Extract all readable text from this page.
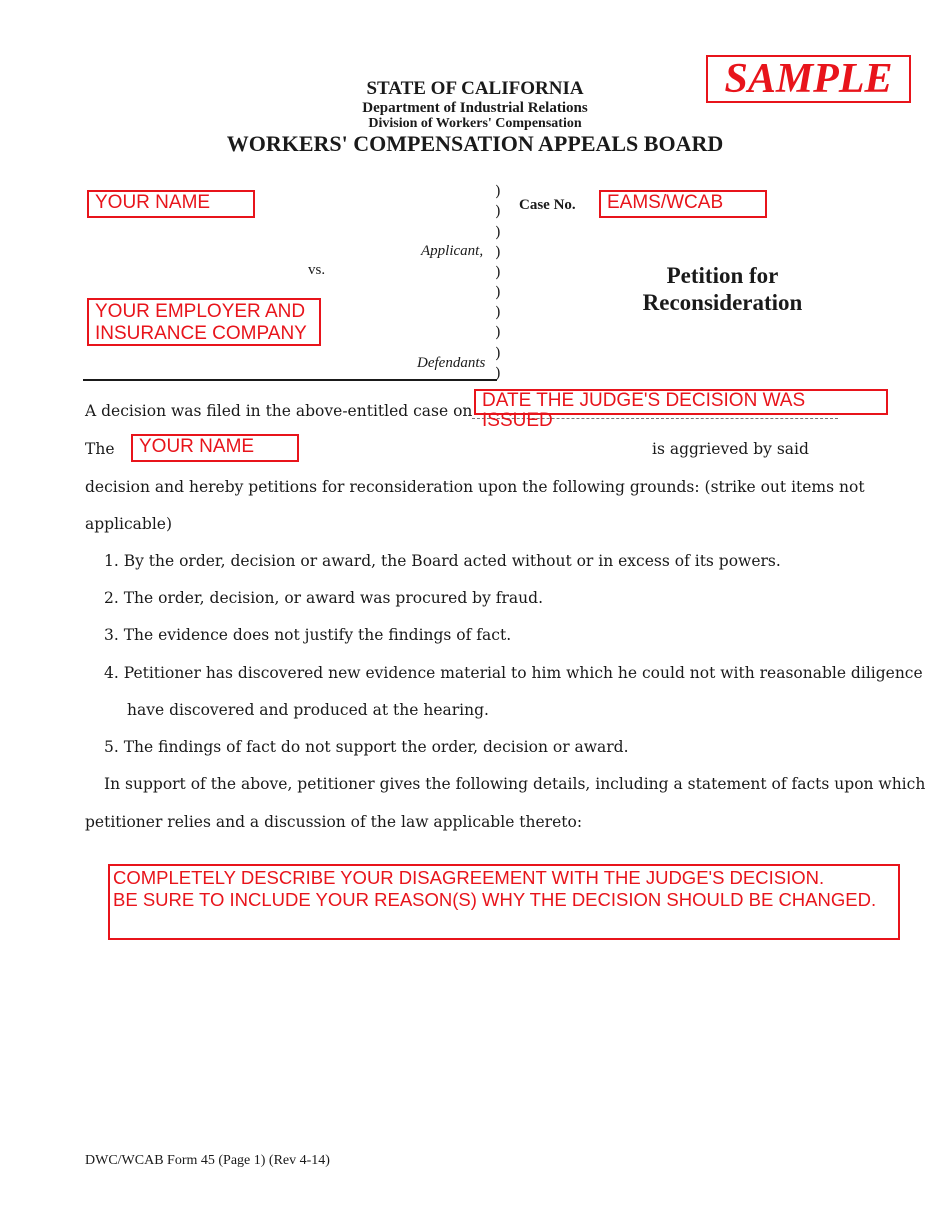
SAMPLE
STATE OF CALIFORNIA
Department of Industrial Relations
Division of Workers' Compensation
WORKERS' COMPENSATION APPEALS BOARD
YOUR NAME
vs.
Applicant,
YOUR EMPLOYER AND
INSURANCE COMPANY
Defendants
)
)
)
)
)
)
)
)
)
)
Case No.	EAMS/WCAB
Petition for
Reconsideration
A decision was filed in the above-entitled case on DATE THE JUDGE'S DECISION WAS ISSUED
The	YOUR NAME	is aggrieved by said
decision and hereby petitions for reconsideration upon the following grounds: (strike out items not
applicable)
1. By the order, decision or award, the Board acted without or in excess of its powers.
2. The order, decision, or award was procured by fraud.
3. The evidence does not justify the findings of fact.
4. Petitioner has discovered new evidence material to him which he could not with reasonable diligence
have discovered and produced at the hearing.
5. The findings of fact do not support the order, decision or award.
In support of the above, petitioner gives the following details, including a statement of facts upon which
petitioner relies and a discussion of the law applicable thereto:
COMPLETELY DESCRIBE YOUR DISAGREEMENT WITH THE JUDGE'S DECISION.
BE SURE TO INCLUDE YOUR REASON(S) WHY THE DECISION SHOULD BE CHANGED.
DWC/WCAB Form 45 (Page 1) (Rev 4-14)
